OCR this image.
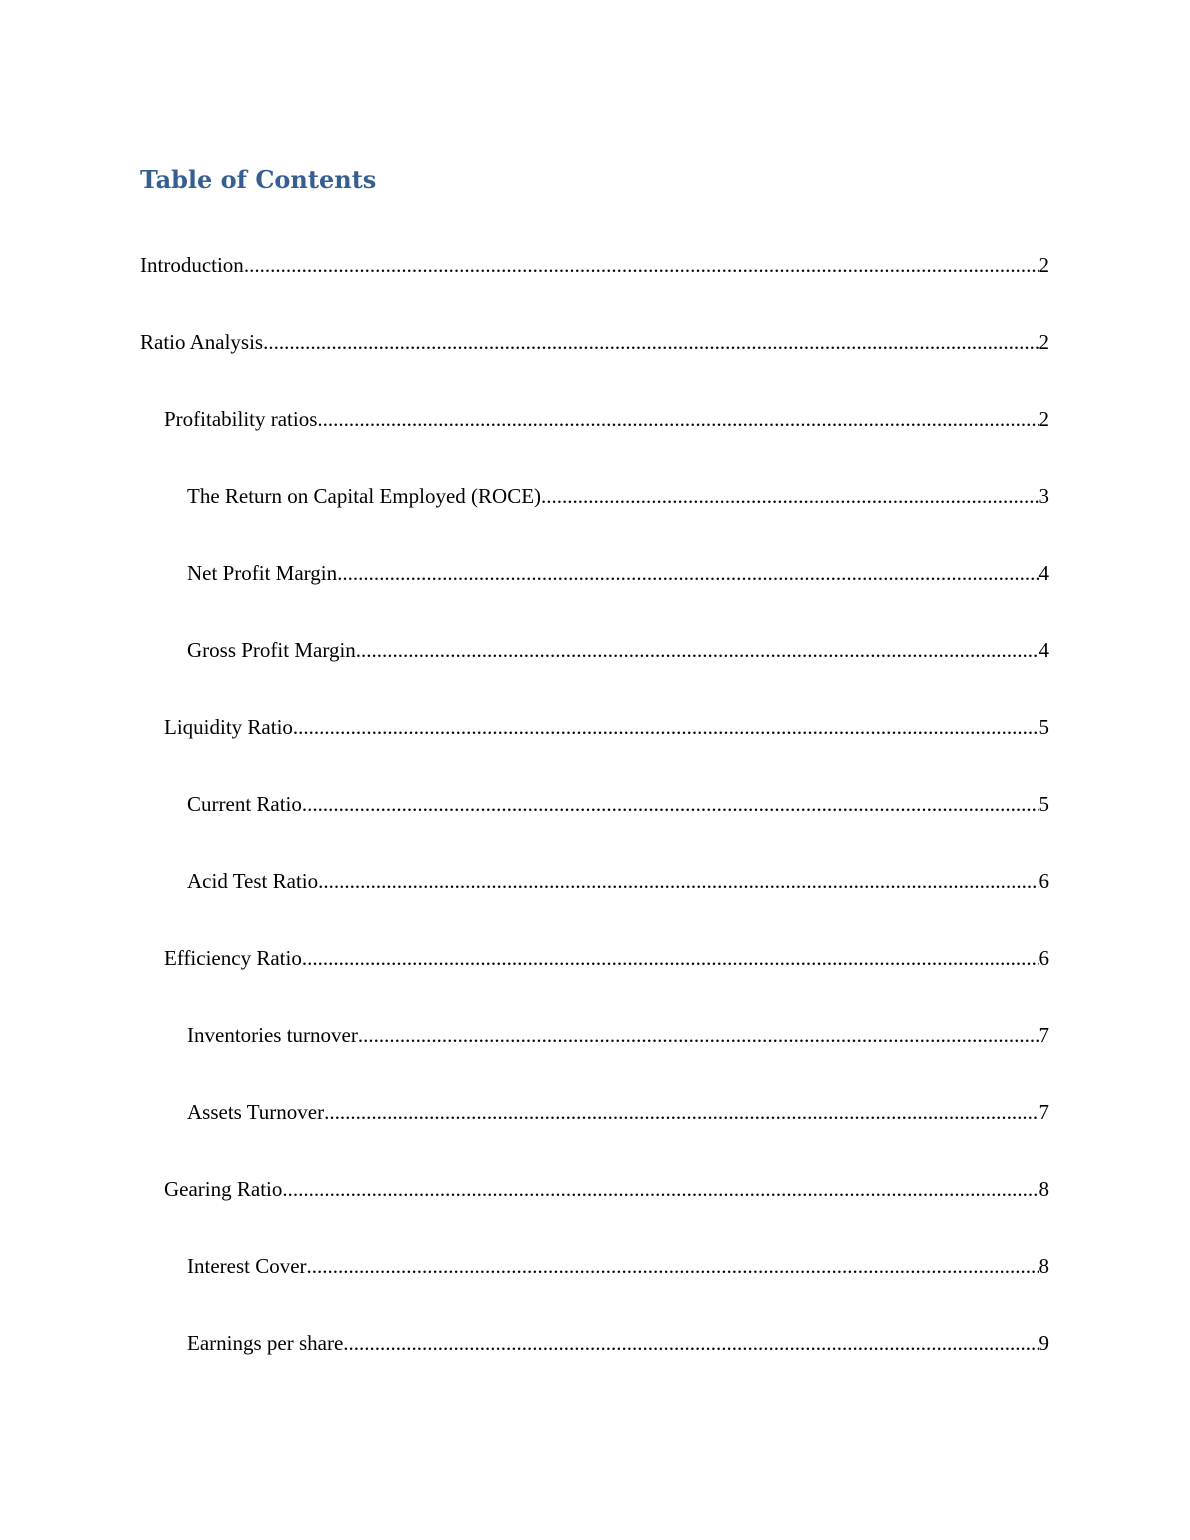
Table of Contents
Introduction .....	2
Ratio Analysis .....	2
Profitability ratios .....	2
The Return on Capital Employed (ROCE) .....	3
Net Profit Margin .....	4
Gross Profit Margin .....	4
Liquidity Ratio .....	5
Current Ratio .....	5
Acid Test Ratio .....	6
Efficiency Ratio .....	6
Inventories turnover .....	7
Assets Turnover .....	7
Gearing Ratio .....	8
Interest Cover .....	8
Earnings per share .....	9
